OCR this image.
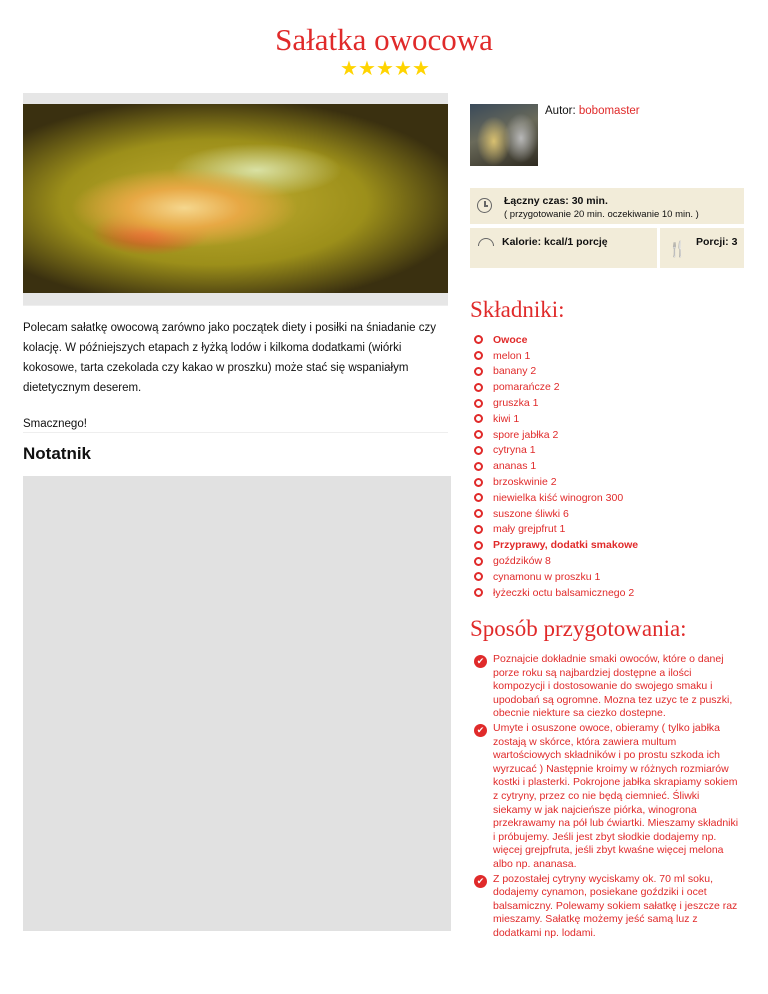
Sałatka owocowa
★ ★ ★ ★ ★

Polecam sałatkę owocową zarówno jako początek diety i posiłki na śniadanie czy kolację. W późniejszych etapach z łyżką lodów i kilkoma dodatkami (wiórki kokosowe, tarta czekolada czy kakao w proszku) może stać się wspaniałym dietetycznym deserem.

Smacznego!

Notatnik
Autor: bobomaster
Łączny czas: 30 min.
( przygotowanie 20 min. oczekiwanie 10 min. )
Kalorie: kcal/1 porcję	🍴 Porcji: 3
Składniki:
Owoce
melon 1
banany 2
pomarańcze 2
gruszka 1
kiwi 1
spore jabłka 2
cytryna 1
ananas 1
brzoskwinie 2
niewielka kiść winogron 300
suszone śliwki 6
mały grejpfrut 1
Przyprawy, dodatki smakowe
goździków 8
cynamonu w proszku 1
łyżeczki octu balsamicznego 2
Sposób przygotowania:
✔ Poznajcie dokładnie smaki owoców, które o danej porze roku są najbardziej dostępne a ilości kompozycji i dostosowanie do swojego smaku i upodobań są ogromne. Mozna tez uzyc te z puszki, obecnie niekture sa ciezko dostepne.
✔ Umyte i osuszone owoce, obieramy ( tylko jabłka zostają w skórce, która zawiera multum wartościowych składników i po prostu szkoda ich wyrzucać ) Następnie kroimy w różnych rozmiarów kostki i plasterki. Pokrojone jabłka skrapiamy sokiem z cytryny, przez co nie będą ciemnieć. Śliwki siekamy w jak najcieńsze piórka, winogrona przekrawamy na pół lub ćwiartki. Mieszamy składniki i próbujemy. Jeśli jest zbyt słodkie dodajemy np. więcej grejpfruta, jeśli zbyt kwaśne więcej melona albo np. ananasa.
✔ Z pozostałej cytryny wyciskamy ok. 70 ml soku, dodajemy cynamon, posiekane goździki i ocet balsamiczny. Polewamy sokiem sałatkę i jeszcze raz mieszamy. Sałatkę możemy jeść samą luz z dodatkami np. lodami.
